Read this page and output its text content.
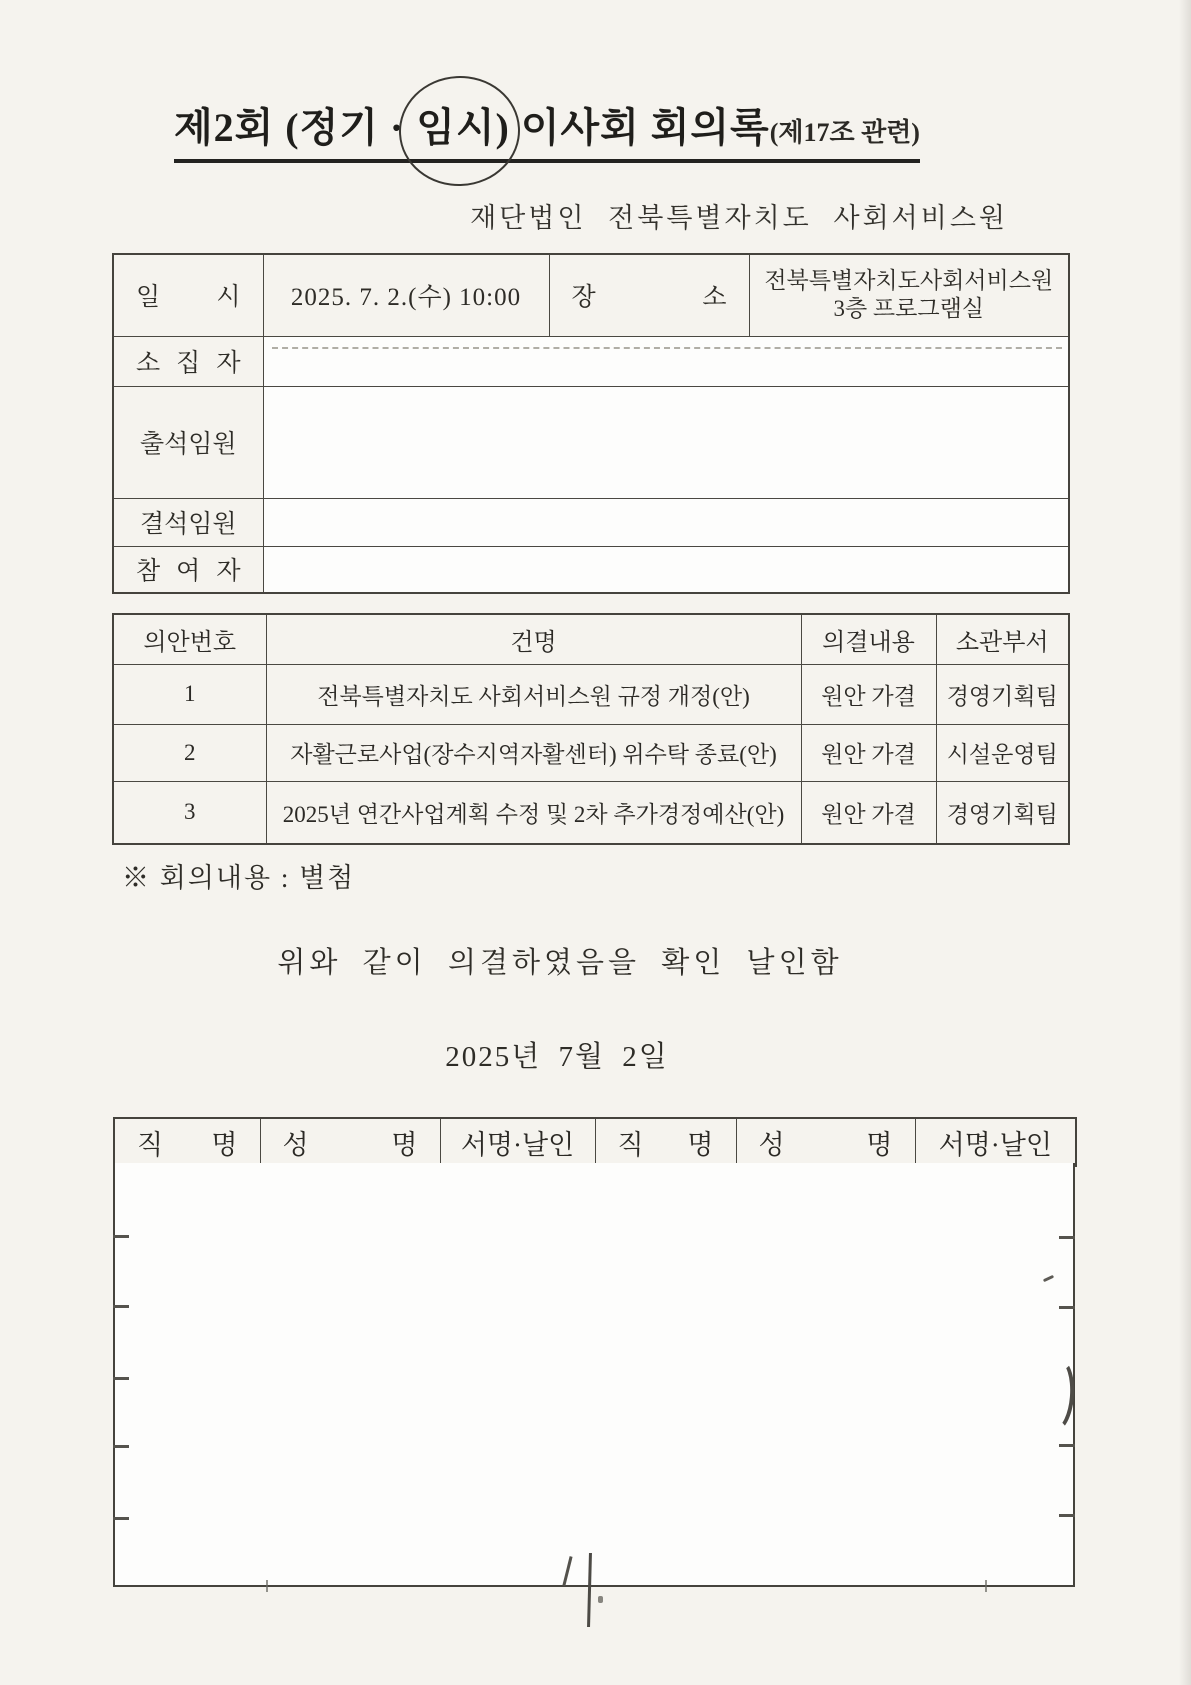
제2회 (정기 · 임시) 이사회 회의록(제17조 관련)
재단법인 전북특별자치도 사회서비스원
일 시	2025. 7. 2.(수) 10:00	장 소	전북특별자치도사회서비스원
3층 프로그램실

소 집 자			
출석임원			
결석임원			
참 여 자			
의안번호	건명	의결내용	소관부서
1	전북특별자치도 사회서비스원 규정 개정(안)	원안 가결	경영기획팀
2	자활근로사업(장수지역자활센터) 위수탁 종료(안)	원안 가결	시설운영팀
3	2025년 연간사업계획 수정 및 2차 추가경정예산(안)	원안 가결	경영기획팀
※ 회의내용 : 별첨
위와 같이 의결하였음을 확인 날인함
2025년 7월 2일
직 명	성 명	서명·날인	직 명	성 명	서명·날인
